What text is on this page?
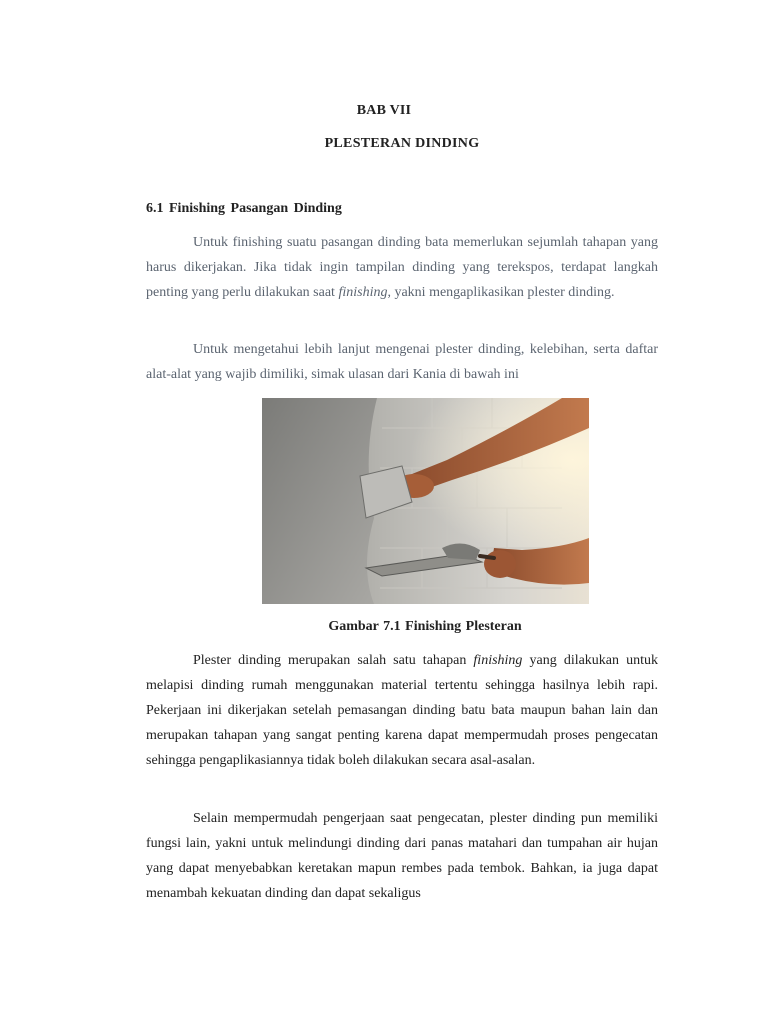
BAB VII
PLESTERAN DINDING
6.1 Finishing Pasangan Dinding

Untuk finishing suatu pasangan dinding bata memerlukan sejumlah tahapan yang harus dikerjakan. Jika tidak ingin tampilan dinding yang terekspos, terdapat langkah penting yang perlu dilakukan saat finishing, yakni mengaplikasikan plester dinding.

Untuk mengetahui lebih lanjut mengenai plester dinding, kelebihan, serta daftar alat-alat yang wajib dimiliki, simak ulasan dari Kania di bawah ini

Gambar 7.1 Finishing Plesteran

Plester dinding merupakan salah satu tahapan finishing yang dilakukan untuk melapisi dinding rumah menggunakan material tertentu sehingga hasilnya lebih rapi. Pekerjaan ini dikerjakan setelah pemasangan dinding batu bata maupun bahan lain dan merupakan tahapan yang sangat penting karena dapat mempermudah proses pengecatan sehingga pengaplikasiannya tidak boleh dilakukan secara asal-asalan.

Selain mempermudah pengerjaan saat pengecatan, plester dinding pun memiliki fungsi lain, yakni untuk melindungi dinding dari panas matahari dan tumpahan air hujan yang dapat menyebabkan keretakan mapun rembes pada tembok. Bahkan, ia juga dapat menambah kekuatan dinding dan dapat sekaligus
